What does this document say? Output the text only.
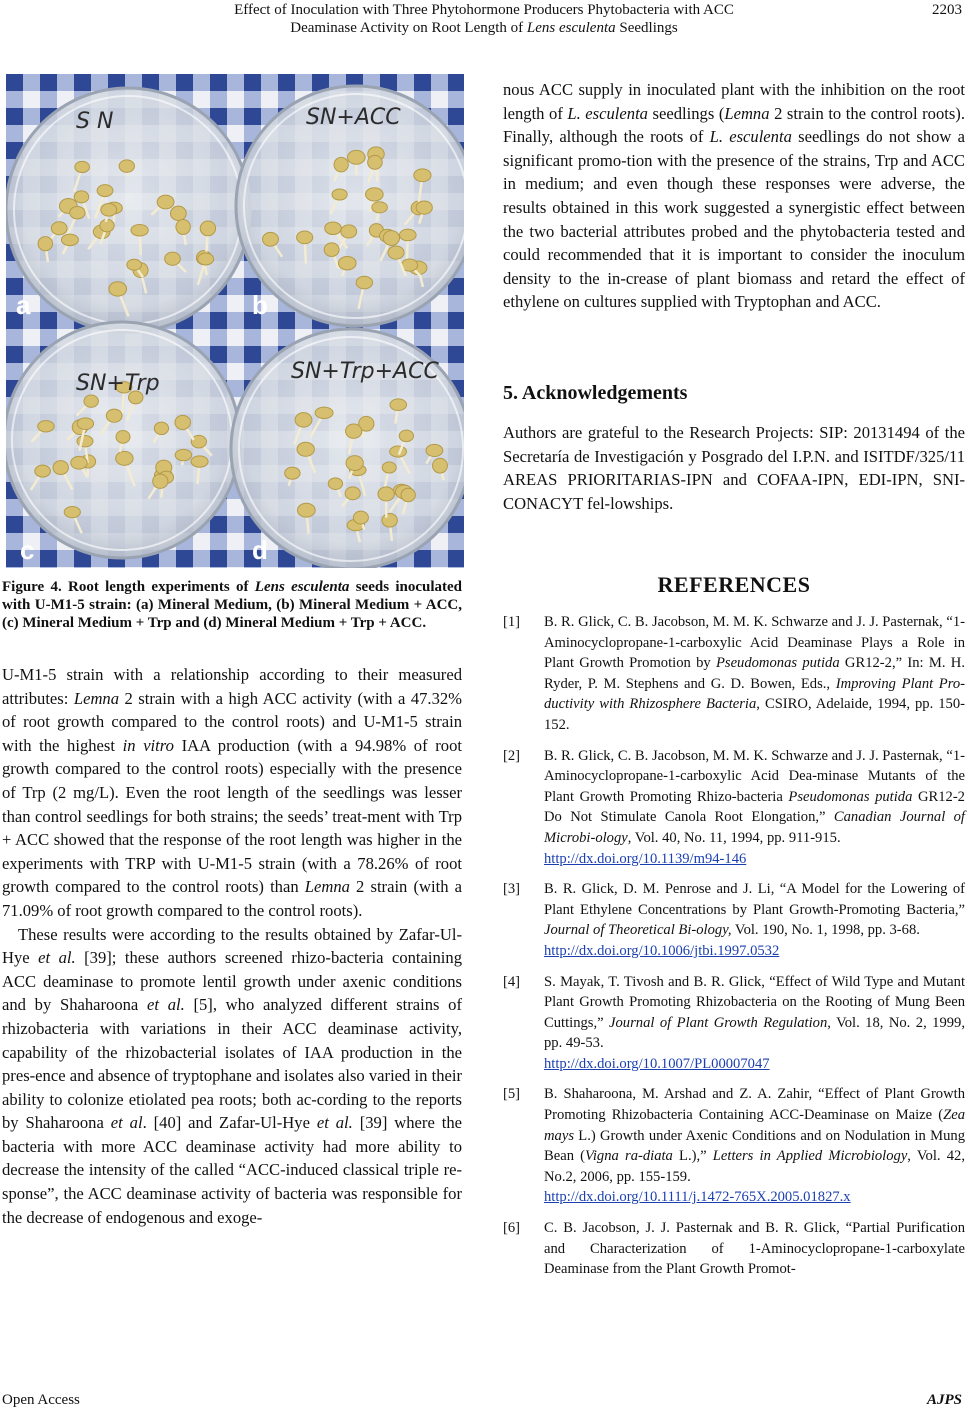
Effect of Inoculation with Three Phytohormone Producers Phytobacteria with ACC
Deaminase Activity on Root Length of Lens esculenta Seedlings
2203
S N
a
SN+ACC
b
SN+Trp
c
SN+Trp+ACC
d
Figure 4. Root length experiments of Lens esculenta seeds inoculated with U-M1-5 strain: (a) Mineral Medium, (b) Mineral Medium + ACC, (c) Mineral Medium + Trp and (d) Mineral Medium + Trp + ACC.

U-M1-5 strain with a relationship according to their measured attributes: Lemna 2 strain with a high ACC activity (with a 47.32% of root growth compared to the control roots) and U-M1-5 strain with the highest in vitro IAA production (with a 94.98% of root growth compared to the control roots) especially with the presence of Trp (2 mg/L). Even the root length of the seedlings was lesser than control seedlings for both strains; the seeds’ treat-ment with Trp + ACC showed that the response of the root length was higher in the experiments with TRP with U-M1-5 strain (with a 78.26% of root growth compared to the control roots) than Lemna 2 strain (with a 71.09% of root growth compared to the control roots).

These results were according to the results obtained by Zafar-Ul-Hye et al. [39]; these authors screened rhizo-bacteria containing ACC deaminase to promote lentil growth under axenic conditions and by Shaharoona et al. [5], who analyzed different strains of rhizobacteria with variations in their ACC deaminase activity, capability of the rhizobacterial isolates of IAA production in the pres-ence and absence of tryptophane and isolates also varied in their ability to colonize etiolated pea roots; both ac-cording to the reports by Shaharoona et al. [40] and Zafar-Ul-Hye et al. [39] where the bacteria with more ACC deaminase activity had more ability to decrease the intensity of the called “ACC-induced classical triple re-sponse”, the ACC deaminase activity of bacteria was responsible for the decrease of endogenous and exoge-

nous ACC supply in inoculated plant with the inhibition on the root length of L. esculenta seedlings (Lemna 2 strain to the control roots). Finally, although the roots of L. esculenta seedlings do not show a significant promo-tion with the presence of the strains, Trp and ACC in medium; and even though these responses were adverse, the results obtained in this work suggested a synergistic effect between the two bacterial attributes probed and the phytobacteria tested and could recommended that it is important to consider the inoculum density to the in-crease of plant biomass and retard the effect of ethylene on cultures supplied with Tryptophan and ACC.

5. Acknowledgements

Authors are grateful to the Research Projects: SIP: 20131494 of the Secretaría de Investigación y Posgrado del I.P.N. and ISITDF/325/11 AREAS PRIORITARIAS-IPN and COFAA-IPN, EDI-IPN, SNI-CONACYT fel-lowships.

REFERENCES
[1] B. R. Glick, C. B. Jacobson, M. M. K. Schwarze and J. J. Pasternak, “1-Aminocyclopropane-1-carboxylic Acid Deaminase Plays a Role in Plant Growth Promotion by Pseudomonas putida GR12-2,” In: M. H. Ryder, P. M. Stephens and G. D. Bowen, Eds., Improving Plant Pro-ductivity with Rhizosphere Bacteria, CSIRO, Adelaide, 1994, pp. 150-152.
[2] B. R. Glick, C. B. Jacobson, M. M. K. Schwarze and J. J. Pasternak, “1-Aminocyclopropane-1-carboxylic Acid Dea-minase Mutants of the Plant Growth Promoting Rhizo-bacteria Pseudomonas putida GR12-2 Do Not Stimulate Canola Root Elongation,” Canadian Journal of Microbi-ology, Vol. 40, No. 11, 1994, pp. 911-915.
http://dx.doi.org/10.1139/m94-146
[3] B. R. Glick, D. M. Penrose and J. Li, “A Model for the Lowering of Plant Ethylene Concentrations by Plant Growth-Promoting Bacteria,” Journal of Theoretical Bi-ology, Vol. 190, No. 1, 1998, pp. 3-68.
http://dx.doi.org/10.1006/jtbi.1997.0532
[4] S. Mayak, T. Tivosh and B. R. Glick, “Effect of Wild Type and Mutant Plant Growth Promoting Rhizobacteria on the Rooting of Mung Been Cuttings,” Journal of Plant Growth Regulation, Vol. 18, No. 2, 1999, pp. 49-53.
http://dx.doi.org/10.1007/PL00007047
[5] B. Shaharoona, M. Arshad and Z. A. Zahir, “Effect of Plant Growth Promoting Rhizobacteria Containing ACC-Deaminase on Maize (Zea mays L.) Growth under Axenic Conditions and on Nodulation in Mung Bean (Vigna ra-diata L.),” Letters in Applied Microbiology, Vol. 42, No.2, 2006, pp. 155-159.
http://dx.doi.org/10.1111/j.1472-765X.2005.01827.x
[6] C. B. Jacobson, J. J. Pasternak and B. R. Glick, “Partial Purification and Characterization of 1-Aminocyclopropane-1-carboxylate Deaminase from the Plant Growth Promot-
Open Access	AJPS
